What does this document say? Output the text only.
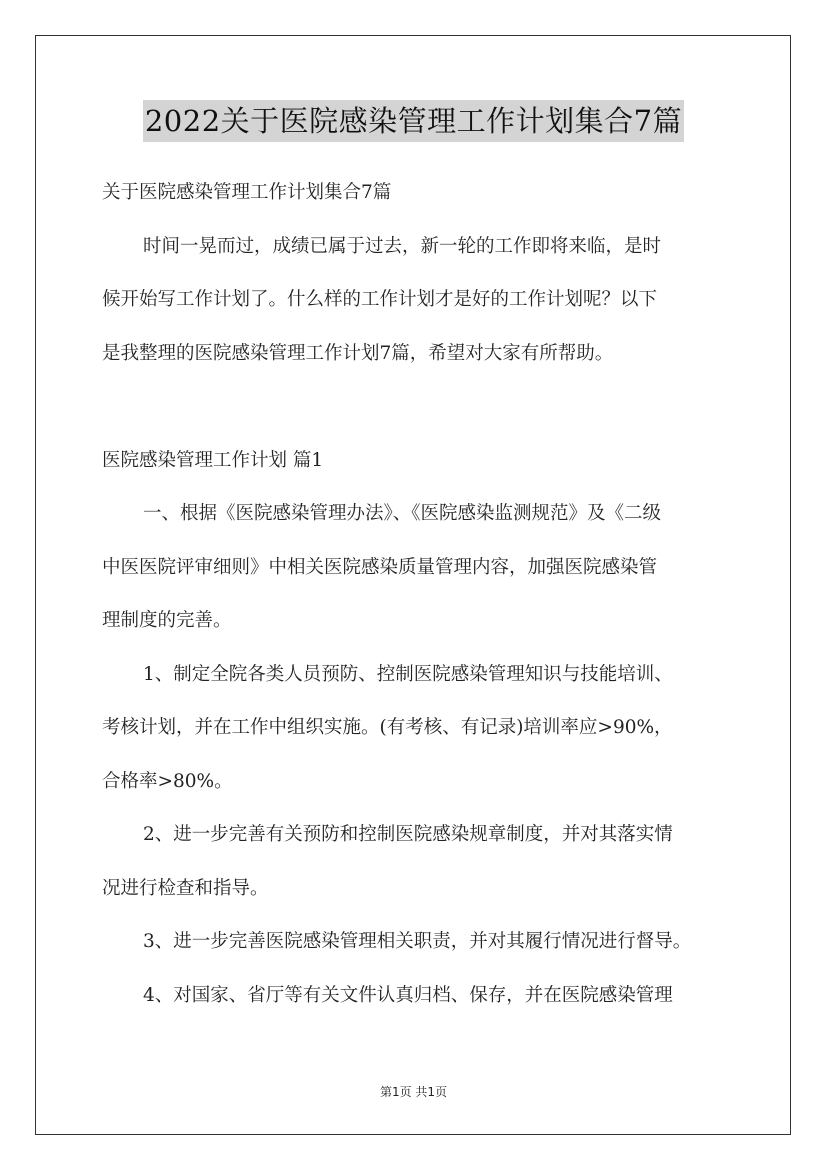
2022关于医院感染管理工作计划集合7篇
关于医院感染管理工作计划集合7篇
时间一晃而过，成绩已属于过去，新一轮的工作即将来临，是时
候开始写工作计划了。什么样的工作计划才是好的工作计划呢？以下
是我整理的医院感染管理工作计划7篇，希望对大家有所帮助。
医院感染管理工作计划 篇1
一、根据《医院感染管理办法》、《医院感染监测规范》及《二级
中医医院评审细则》中相关医院感染质量管理内容，加强医院感染管
理制度的完善。
1、制定全院各类人员预防、控制医院感染管理知识与技能培训、
考核计划，并在工作中组织实施。(有考核、有记录)培训率应>90%，
合格率>80%。
2、进一步完善有关预防和控制医院感染规章制度，并对其落实情
况进行检查和指导。
3、进一步完善医院感染管理相关职责，并对其履行情况进行督导。
4、对国家、省厅等有关文件认真归档、保存，并在医院感染管理
第1页 共1页
